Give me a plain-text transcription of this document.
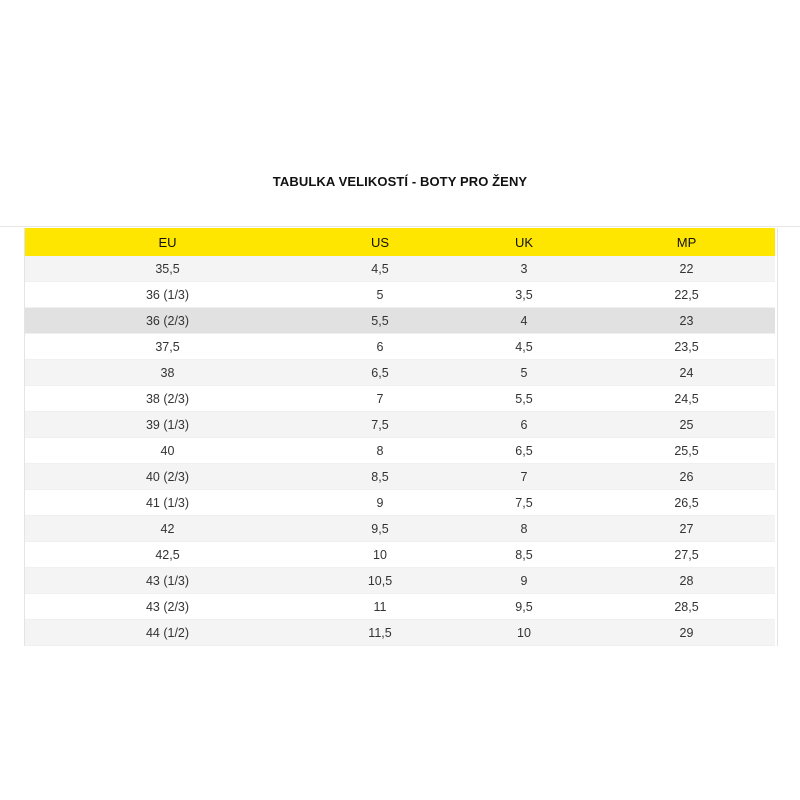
TABULKA VELIKOSTÍ - BOTY PRO ŽENY
EU	US	UK	MP
35,5	4,5	3	22
36 (1/3)	5	3,5	22,5
36 (2/3)	5,5	4	23
37,5	6	4,5	23,5
38	6,5	5	24
38 (2/3)	7	5,5	24,5
39 (1/3)	7,5	6	25
40	8	6,5	25,5
40 (2/3)	8,5	7	26
41 (1/3)	9	7,5	26,5
42	9,5	8	27
42,5	10	8,5	27,5
43 (1/3)	10,5	9	28
43 (2/3)	11	9,5	28,5
44 (1/2)	11,5	10	29
